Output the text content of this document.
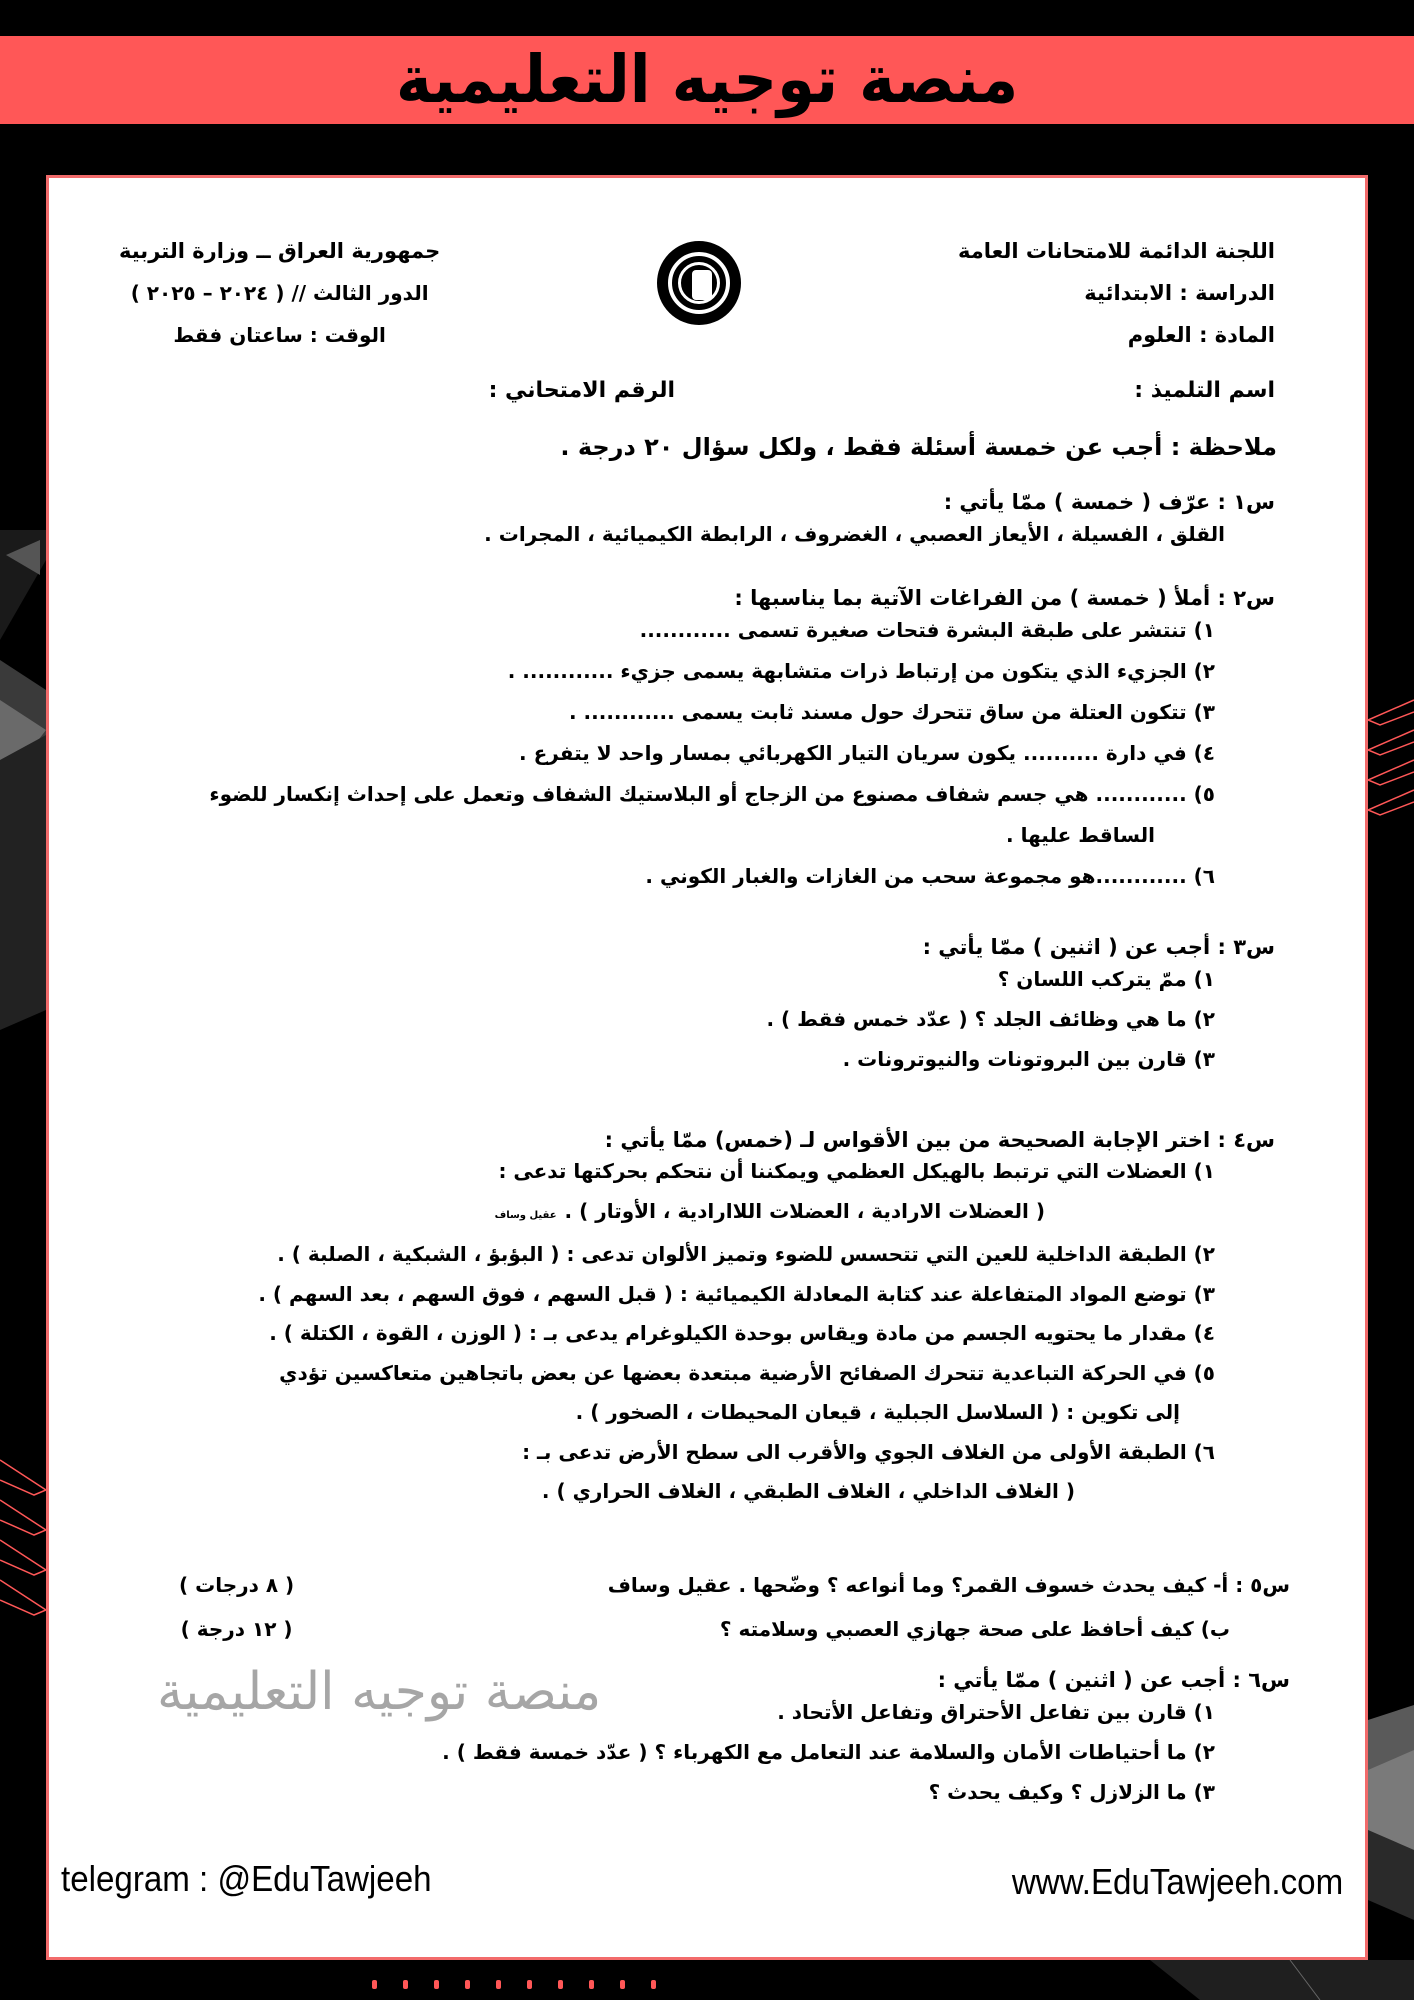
منصة توجيه التعليمية
اللجنة الدائمة للامتحانات العامة
الدراسة : الابتدائية
المادة : العلوم
جمهورية العراق ــ وزارة التربية
الدور الثالث // ( ٢٠٢٤ – ٢٠٢٥ )
الوقت : ساعتان فقط
اسم التلميذ :
الرقم الامتحاني :
ملاحظة : أجب عن خمسة أسئلة فقط ، ولكل سؤال ٢٠ درجة .
س١ : عرّف ( خمسة ) ممّا يأتي :
القلق ، الفسيلة ، الأيعاز العصبي ، الغضروف ، الرابطة الكيميائية ، المجرات .
س٢ : أملأ ( خمسة ) من الفراغات الآتية بما يناسبها :
١) تنتشر على طبقة البشرة فتحات صغيرة تسمى ............
٢) الجزيء الذي يتكون من إرتباط ذرات متشابهة يسمى جزيء ............ .
٣) تتكون العتلة من ساق تتحرك حول مسند ثابت يسمى ............ .
٤) في دارة .......... يكون سريان التيار الكهربائي بمسار واحد لا يتفرع .
٥) ............ هي جسم شفاف مصنوع من الزجاج أو البلاستيك الشفاف وتعمل على إحداث إنكسار للضوء
الساقط عليها .
٦) ............هو مجموعة سحب من الغازات والغبار الكوني .
س٣ : أجب عن ( اثنين ) ممّا يأتي :
١) ممّ يتركب اللسان ؟
٢) ما هي وظائف الجلد ؟ ( عدّد خمس فقط ) .
٣) قارن بين البروتونات والنيوترونات .
س٤ : اختر الإجابة الصحيحة من بين الأقواس لـ (خمس) ممّا يأتي :
١) العضلات التي ترتبط بالهيكل العظمي ويمكننا أن نتحكم بحركتها تدعى :
( العضلات الارادية ، العضلات اللاارادية ، الأوتار ) .عقيل وساف
٢) الطبقة الداخلية للعين التي تتحسس للضوء وتميز الألوان تدعى : ( البؤبؤ ، الشبكية ، الصلبة ) .
٣) توضع المواد المتفاعلة عند كتابة المعادلة الكيميائية : ( قبل السهم ، فوق السهم ، بعد السهم ) .
٤) مقدار ما يحتويه الجسم من مادة ويقاس بوحدة الكيلوغرام يدعى بـ : ( الوزن ، القوة ، الكتلة ) .
٥) في الحركة التباعدية تتحرك الصفائح الأرضية مبتعدة بعضها عن بعض باتجاهين متعاكسين تؤدي
إلى تكوين : ( السلاسل الجبلية ، قيعان المحيطات ، الصخور ) .
٦) الطبقة الأولى من الغلاف الجوي والأقرب الى سطح الأرض تدعى بـ :
( الغلاف الداخلي ، الغلاف الطبقي ، الغلاف الحراري ) .
س٥ : أ- كيف يحدث خسوف القمر؟ وما أنواعه ؟ وضّحها . عقيل وساف
ب) كيف أحافظ على صحة جهازي العصبي وسلامته ؟
( ٨ درجات )
( ١٢ درجة )
منصة توجيه التعليمية	س٦ : أجب عن ( اثنين ) ممّا يأتي :
١) قارن بين تفاعل الأحتراق وتفاعل الأتحاد .
٢) ما أحتياطات الأمان والسلامة عند التعامل مع الكهرباء ؟ ( عدّد خمسة فقط ) .
٣) ما الزلازل ؟ وكيف يحدث ؟
telegram : @EduTawjeeh	www.EduTawjeeh.com
